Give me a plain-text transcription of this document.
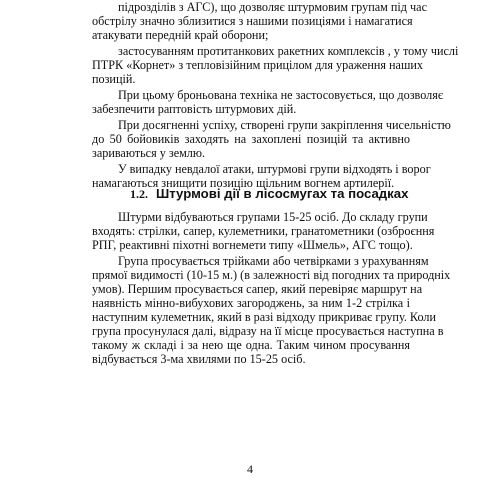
підрозділів з АГС), що дозволяє штурмовим групам під час
обстрілу значно зблизитися з нашими позиціями і намагатися
атакувати передній край оборони;
застосуванням протитанкових ракетних комплексів , у тому числі
ПТРК «Корнет» з тепловізійним прицілом для ураження наших
позицій.
При цьому броньована техніка не застосовується, що дозволяє
забезпечити раптовість штурмових дій.
При досягненні успіху, створені групи закріплення чисельністю
до 50 бойовиків заходять на захоплені позицій та активно
зариваються у землю.
У випадку невдалої атаки, штурмові групи відходять і ворог
намагаються знищити позицію щільним вогнем артилерії.
1.2. Штурмові дії в лісосмугах та посадках
Штурми відбуваються групами 15-25 осіб. До складу групи
входять: стрілки, сапер, кулеметники, гранатометники (озброєння
РПГ, реактивні піхотні вогнемети типу «Шмель», АГС тощо).
Група просувається трійками або четвірками з урахуванням
прямої видимості (10-15 м.) (в залежності від погодних та природніх
умов). Першим просувається сапер, який перевіряє маршрут на
наявність мінно-вибухових загороджень, за ним 1-2 стрілка і
наступним кулеметник, який в разі відходу прикриває групу. Коли
група просунулася далі, відразу на її місце просувається наступна в
такому ж складі і за нею ще одна. Таким чином просування
відбувається 3-ма хвилями по 15-25 осіб.
4
